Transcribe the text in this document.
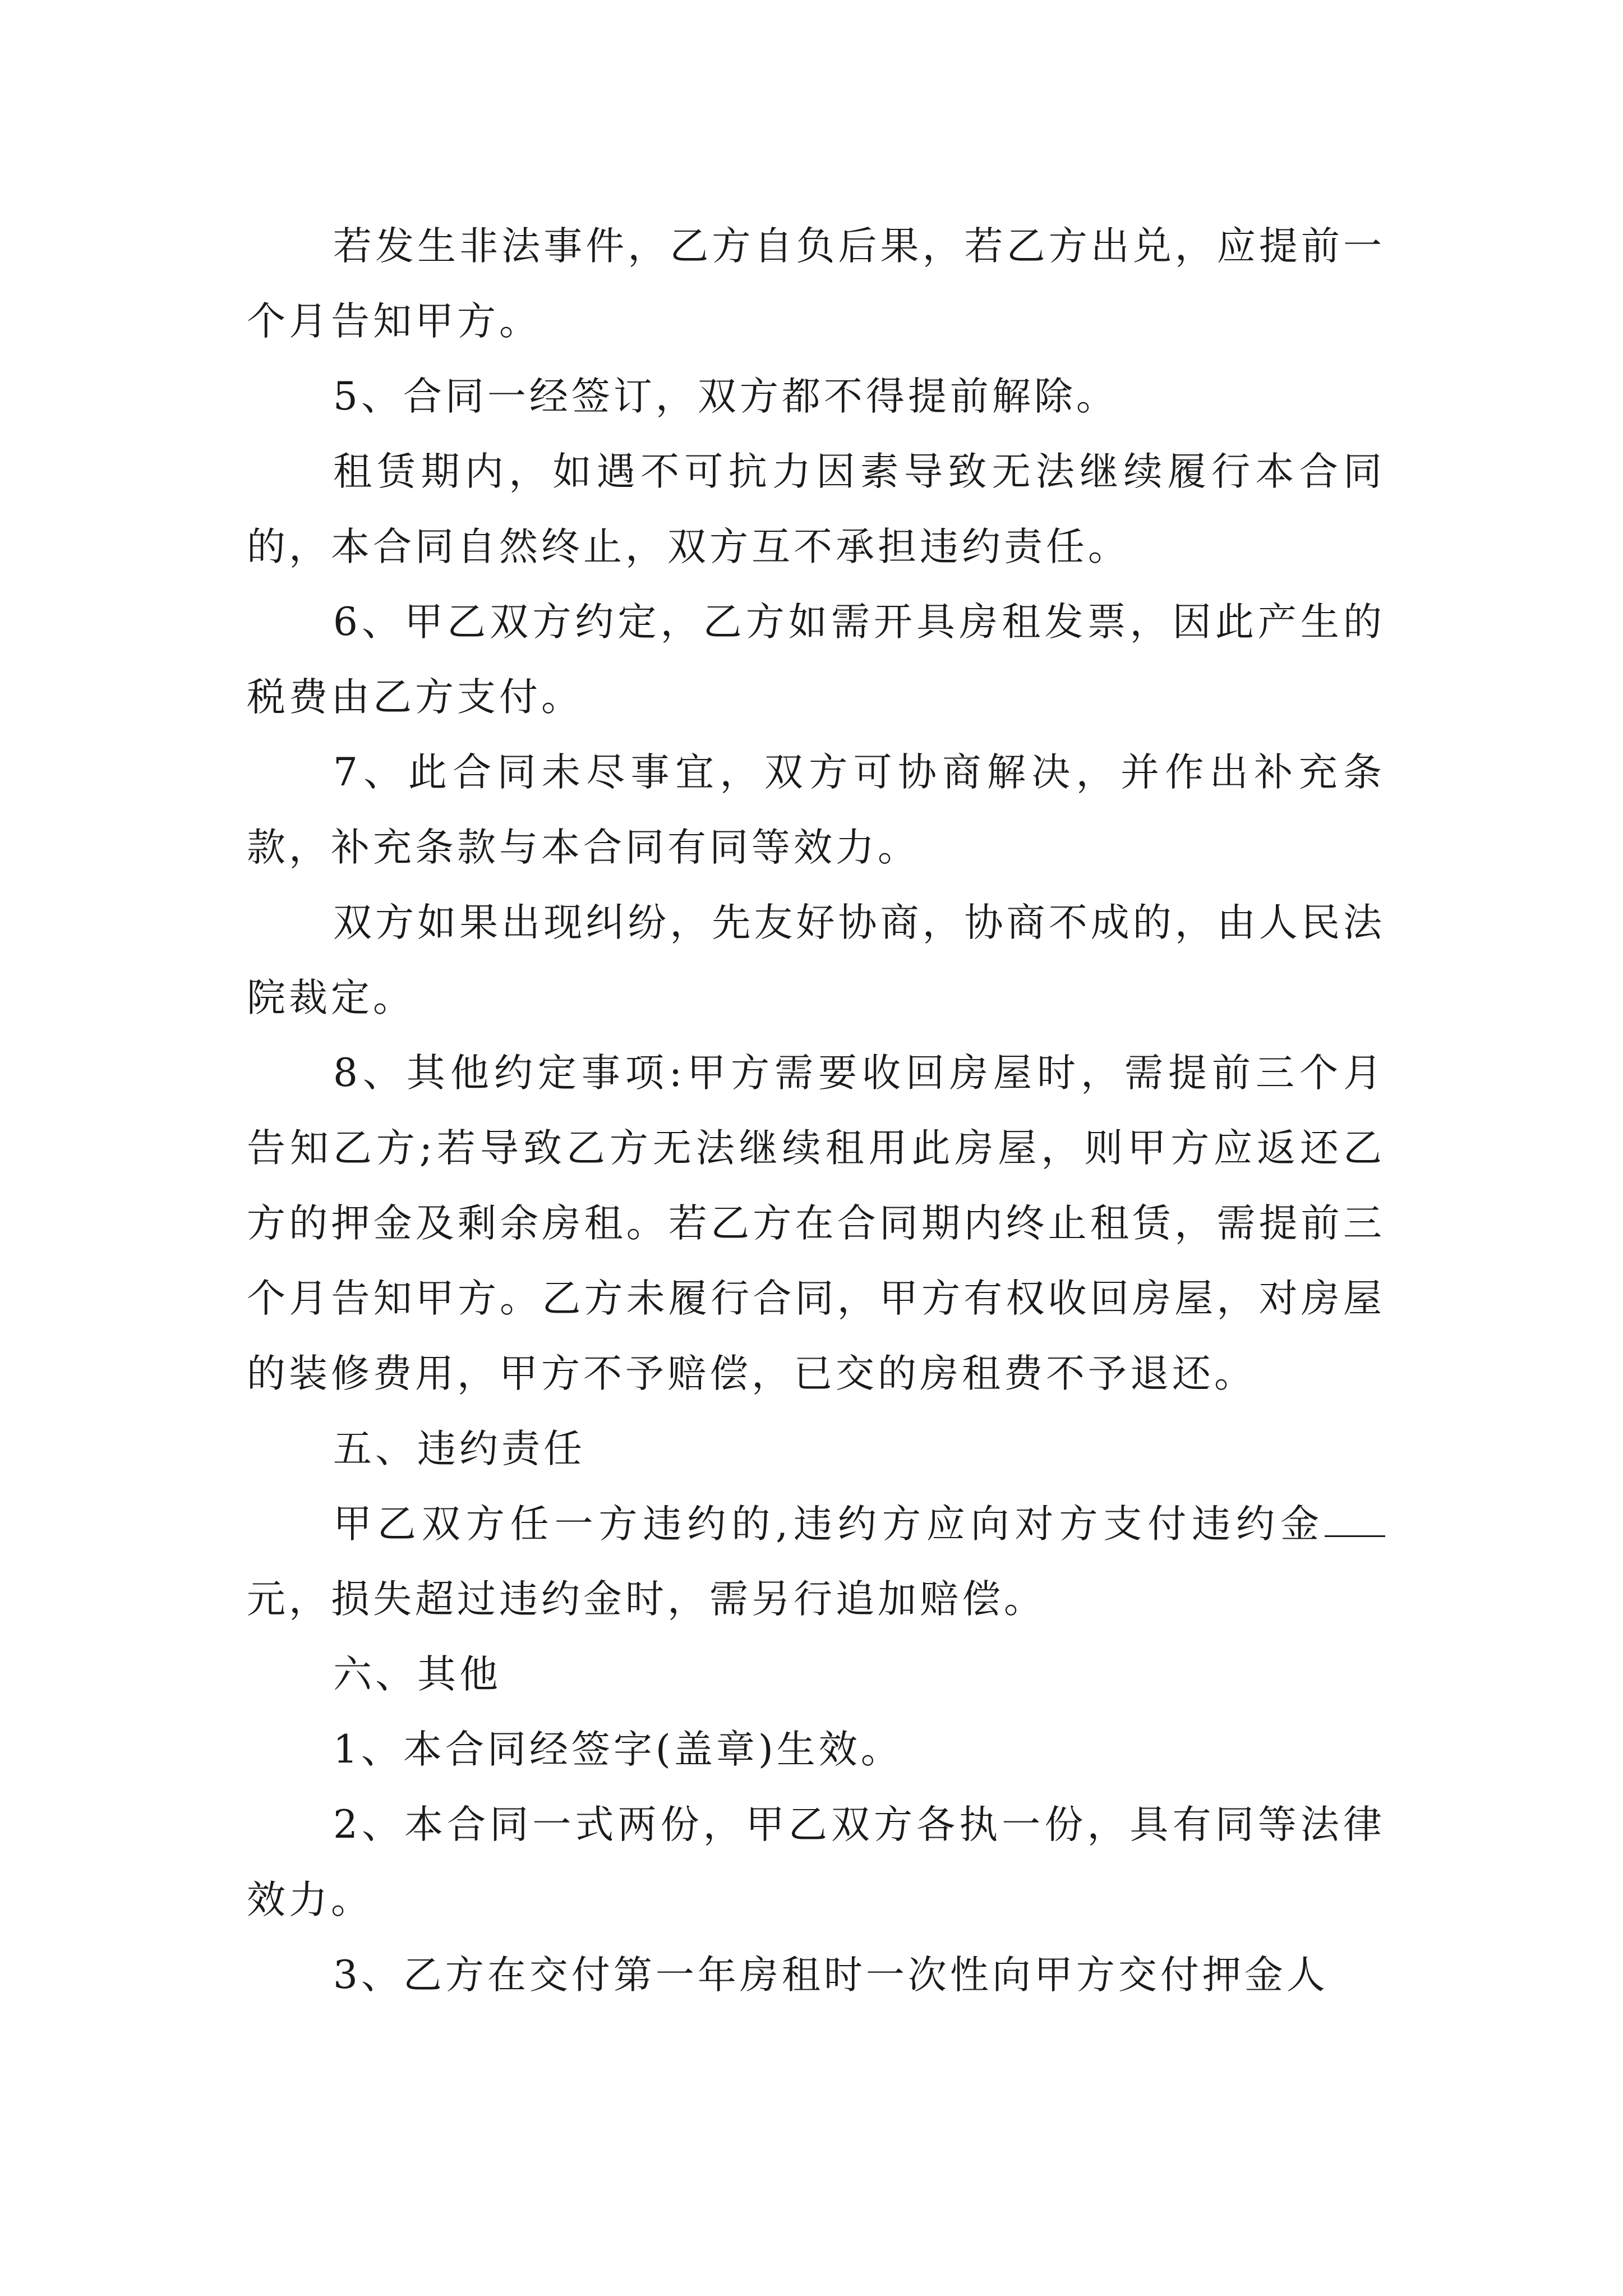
若发生非法事件，乙方自负后果，若乙方出兑，应提前一个月告知甲方。

5、合同一经签订，双方都不得提前解除。

租赁期内，如遇不可抗力因素导致无法继续履行本合同的，本合同自然终止，双方互不承担违约责任。

6、甲乙双方约定，乙方如需开具房租发票，因此产生的税费由乙方支付。

7、此合同未尽事宜，双方可协商解决，并作出补充条款，补充条款与本合同有同等效力。

双方如果出现纠纷，先友好协商，协商不成的，由人民法院裁定。

8、其他约定事项:甲方需要收回房屋时，需提前三个月告知乙方;若导致乙方无法继续租用此房屋，则甲方应返还乙方的押金及剩余房租。若乙方在合同期内终止租赁，需提前三个月告知甲方。乙方未履行合同，甲方有权收回房屋，对房屋的装修费用，甲方不予赔偿，已交的房租费不予退还。

五、违约责任

甲乙双方任一方违约的,违约方应向对方支付违约金元，损失超过违约金时，需另行追加赔偿。

六、其他

1、本合同经签字(盖章)生效。

2、本合同一式两份，甲乙双方各执一份，具有同等法律效力。

3、乙方在交付第一年房租时一次性向甲方交付押金人
